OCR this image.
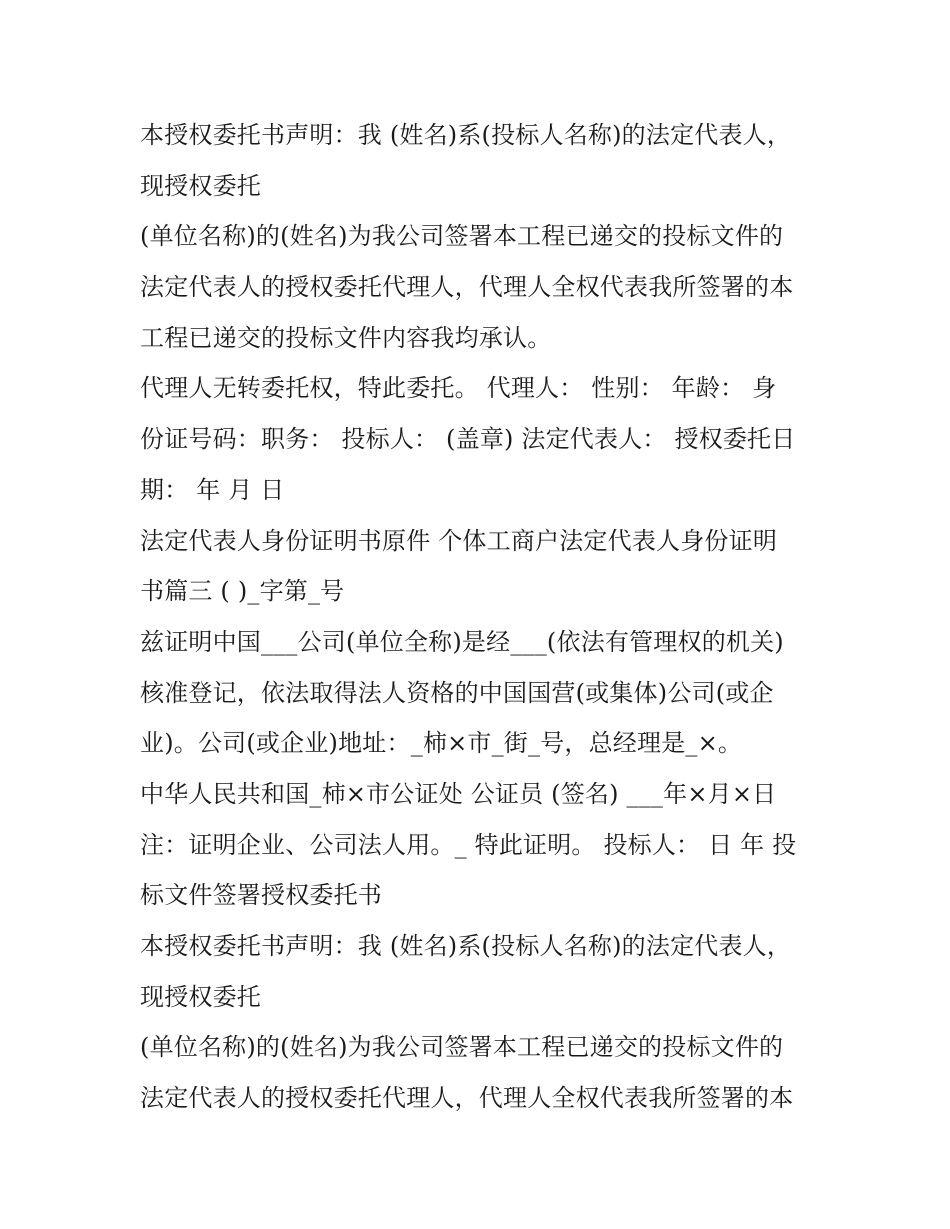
本授权委托书声明：我 (姓名)系(投标人名称)的法定代表人，
现授权委托
(单位名称)的(姓名)为我公司签署本工程已递交的投标文件的
法定代表人的授权委托代理人，代理人全权代表我所签署的本
工程已递交的投标文件内容我均承认。
代理人无转委托权，特此委托。 代理人： 性别： 年龄： 身
份证号码：职务： 投标人： (盖章) 法定代表人： 授权委托日
期： 年 月 日
法定代表人身份证明书原件 个体工商户法定代表人身份证明
书篇三 ( )_字第_号
兹证明中国___公司(单位全称)是经___(依法有管理权的机关)
核准登记，依法取得法人资格的中国国营(或集体)公司(或企
业)。公司(或企业)地址：_柿×市_街_号，总经理是_×。
中华人民共和国_柿×市公证处 公证员 (签名) ___年×月×日
注：证明企业、公司法人用。_ 特此证明。 投标人： 日 年 投
标文件签署授权委托书
本授权委托书声明：我 (姓名)系(投标人名称)的法定代表人，
现授权委托
(单位名称)的(姓名)为我公司签署本工程已递交的投标文件的
法定代表人的授权委托代理人，代理人全权代表我所签署的本
